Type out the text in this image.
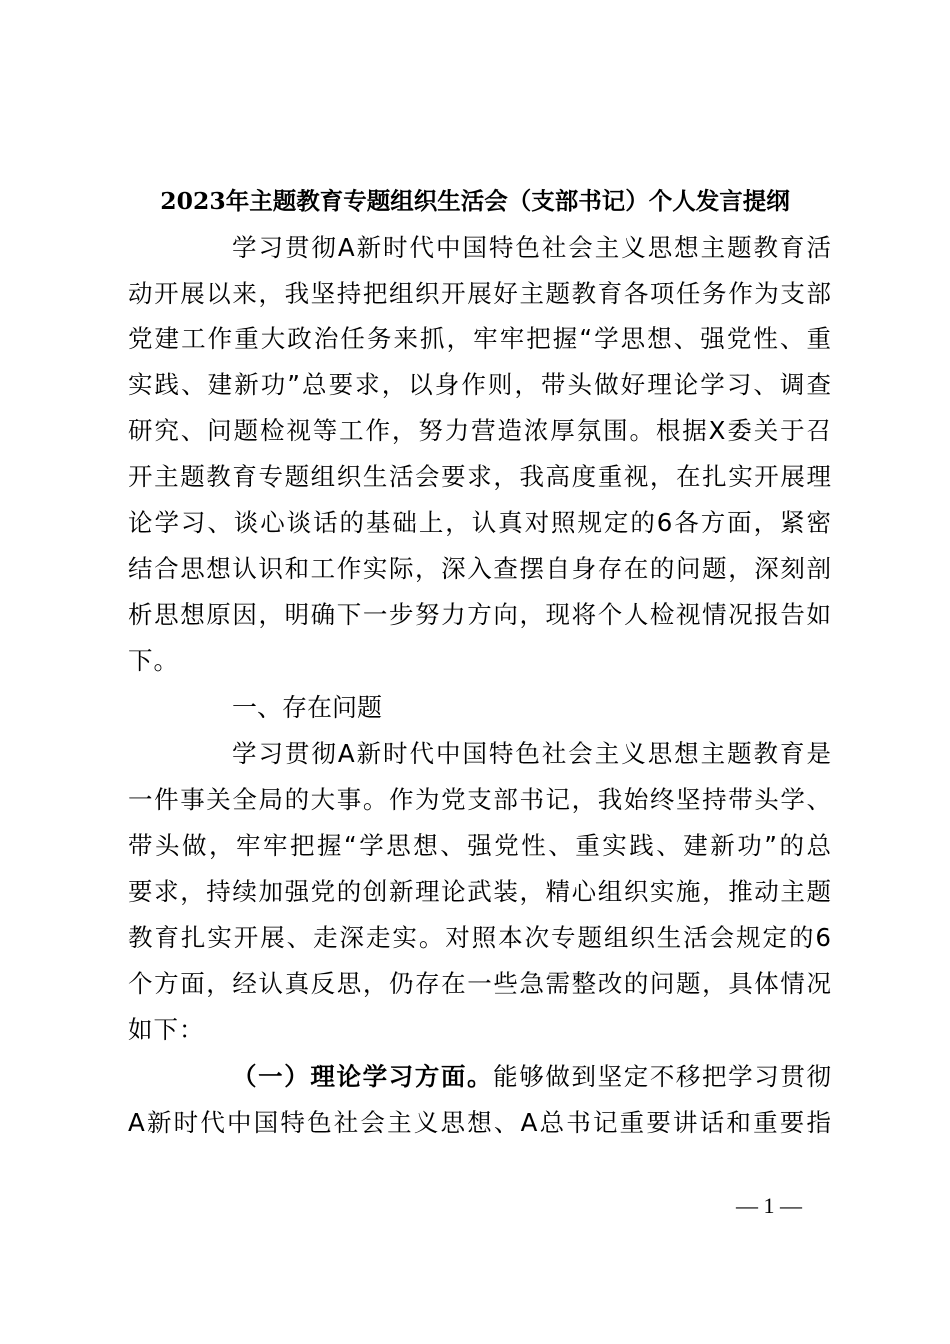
2023年主题教育专题组织生活会（支部书记）个人发言提纲
学习贯彻A新时代中国特色社会主义思想主题教育活
动开展以来，我坚持把组织开展好主题教育各项任务作为支部
党建工作重大政治任务来抓，牢牢把握“学思想、强党性、重
实践、建新功”总要求，以身作则，带头做好理论学习、调查
研究、问题检视等工作，努力营造浓厚氛围。根据X委关于召
开主题教育专题组织生活会要求，我高度重视，在扎实开展理
论学习、谈心谈话的基础上，认真对照规定的6各方面，紧密
结合思想认识和工作实际，深入查摆自身存在的问题，深刻剖
析思想原因，明确下一步努力方向，现将个人检视情况报告如
下。
一、存在问题
学习贯彻A新时代中国特色社会主义思想主题教育是
一件事关全局的大事。作为党支部书记，我始终坚持带头学、
带头做，牢牢把握“学思想、强党性、重实践、建新功”的总
要求，持续加强党的创新理论武装，精心组织实施，推动主题
教育扎实开展、走深走实。对照本次专题组织生活会规定的6
个方面，经认真反思，仍存在一些急需整改的问题，具体情况
如下：
（一）理论学习方面。能够做到坚定不移把学习贯彻
A新时代中国特色社会主义思想、A总书记重要讲话和重要指
— 1 —
